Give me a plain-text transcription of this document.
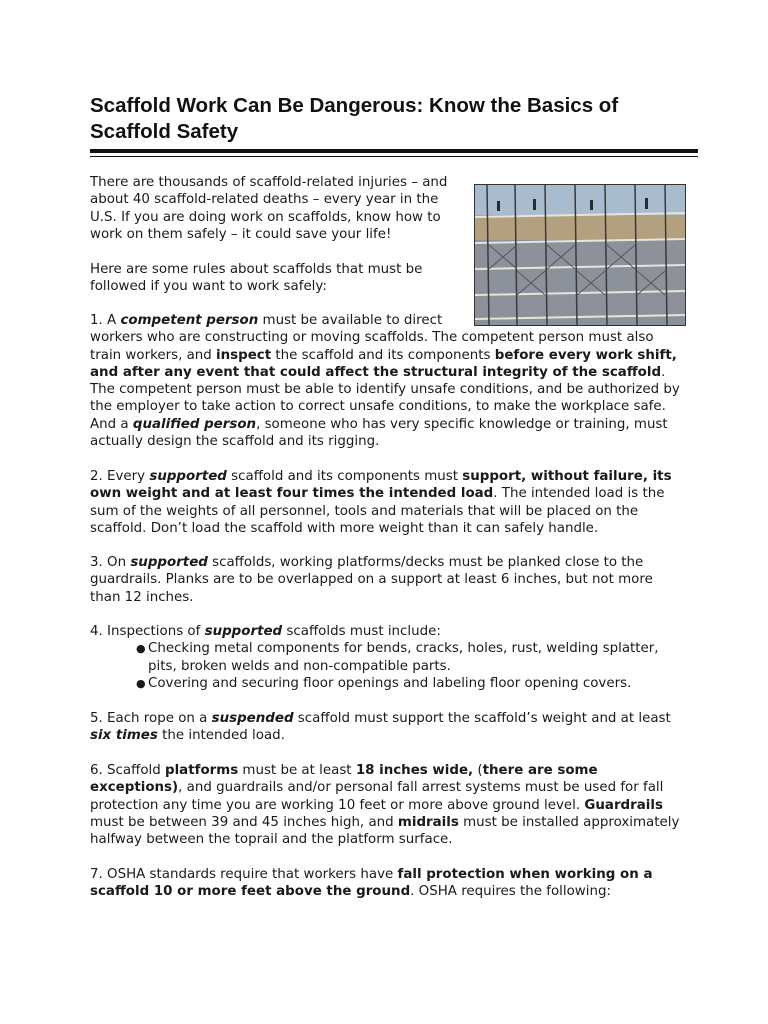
Scaffold Work Can Be Dangerous: Know the Basics of Scaffold Safety

There are thousands of scaffold-related injuries – and about 40 scaffold-related deaths – every year in the U.S. If you are doing work on scaffolds, know how to work on them safely – it could save your life!

Here are some rules about scaffolds that must be followed if you want to work safely:

1. A competent person must be available to direct
workers who are constructing or moving scaffolds. The competent person must also train workers, and inspect the scaffold and its components before every work shift, and after any event that could affect the structural integrity of the scaffold. The competent person must be able to identify unsafe conditions, and be authorized by the employer to take action to correct unsafe conditions, to make the workplace safe. And a qualified person, someone who has very specific knowledge or training, must actually design the scaffold and its rigging.

2. Every supported scaffold and its components must support, without failure, its own weight and at least four times the intended load. The intended load is the sum of the weights of all personnel, tools and materials that will be placed on the scaffold. Don’t load the scaffold with more weight than it can safely handle.

3. On supported scaffolds, working platforms/decks must be planked close to the guardrails. Planks are to be overlapped on a support at least 6 inches, but not more than 12 inches.

4. Inspections of supported scaffolds must include:
● Checking metal components for bends, cracks, holes, rust, welding splatter, pits, broken welds and non-compatible parts.
● Covering and securing floor openings and labeling floor opening covers.

5. Each rope on a suspended scaffold must support the scaffold’s weight and at least six times the intended load.

6. Scaffold platforms must be at least 18 inches wide, (there are some exceptions), and guardrails and/or personal fall arrest systems must be used for fall protection any time you are working 10 feet or more above ground level. Guardrails must be between 39 and 45 inches high, and midrails must be installed approximately halfway between the toprail and the platform surface.

7. OSHA standards require that workers have fall protection when working on a scaffold 10 or more feet above the ground. OSHA requires the following:
